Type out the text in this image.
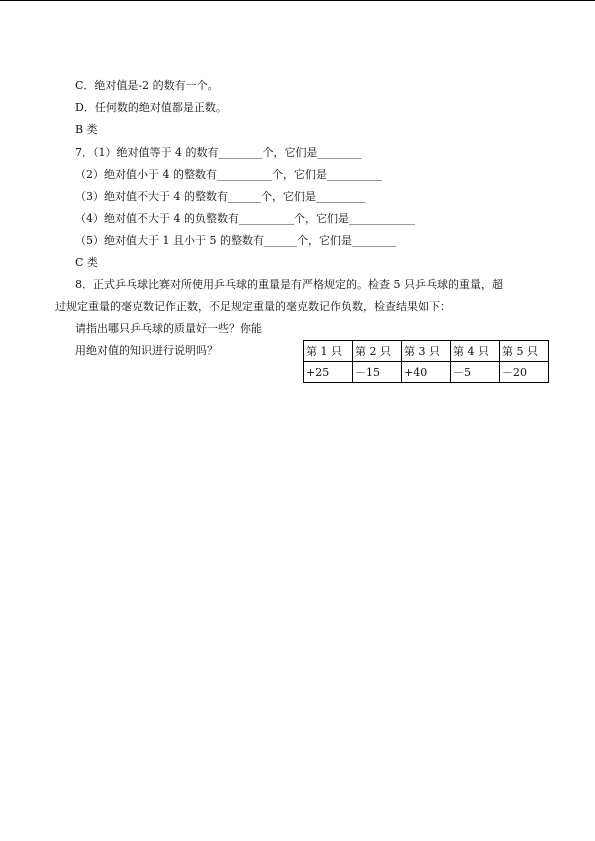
C．绝对值是-2 的数有一个。
D．任何数的绝对值都是正数。
B 类
7．（1）绝对值等于 4 的数有________个，它们是________
（2）绝对值小于 4 的整数有__________个，它们是__________
（3）绝对值不大于 4 的整数有______个，它们是_________
（4）绝对值不大于 4 的负整数有__________个，它们是____________
（5）绝对值大于 1 且小于 5 的整数有______个，它们是________
C 类
8．正式乒乓球比赛对所使用乒乓球的重量是有严格规定的。检查 5 只乒乓球的重量，超
过规定重量的毫克数记作正数，不足规定重量的毫克数记作负数，检查结果如下：
请指出哪只乒乓球的质量好一些？你能
用绝对值的知识进行说明吗？	第 1 只	第 2 只	第 3 只	第 4 只	第 5 只
+25	－15	+40	－5	－20
